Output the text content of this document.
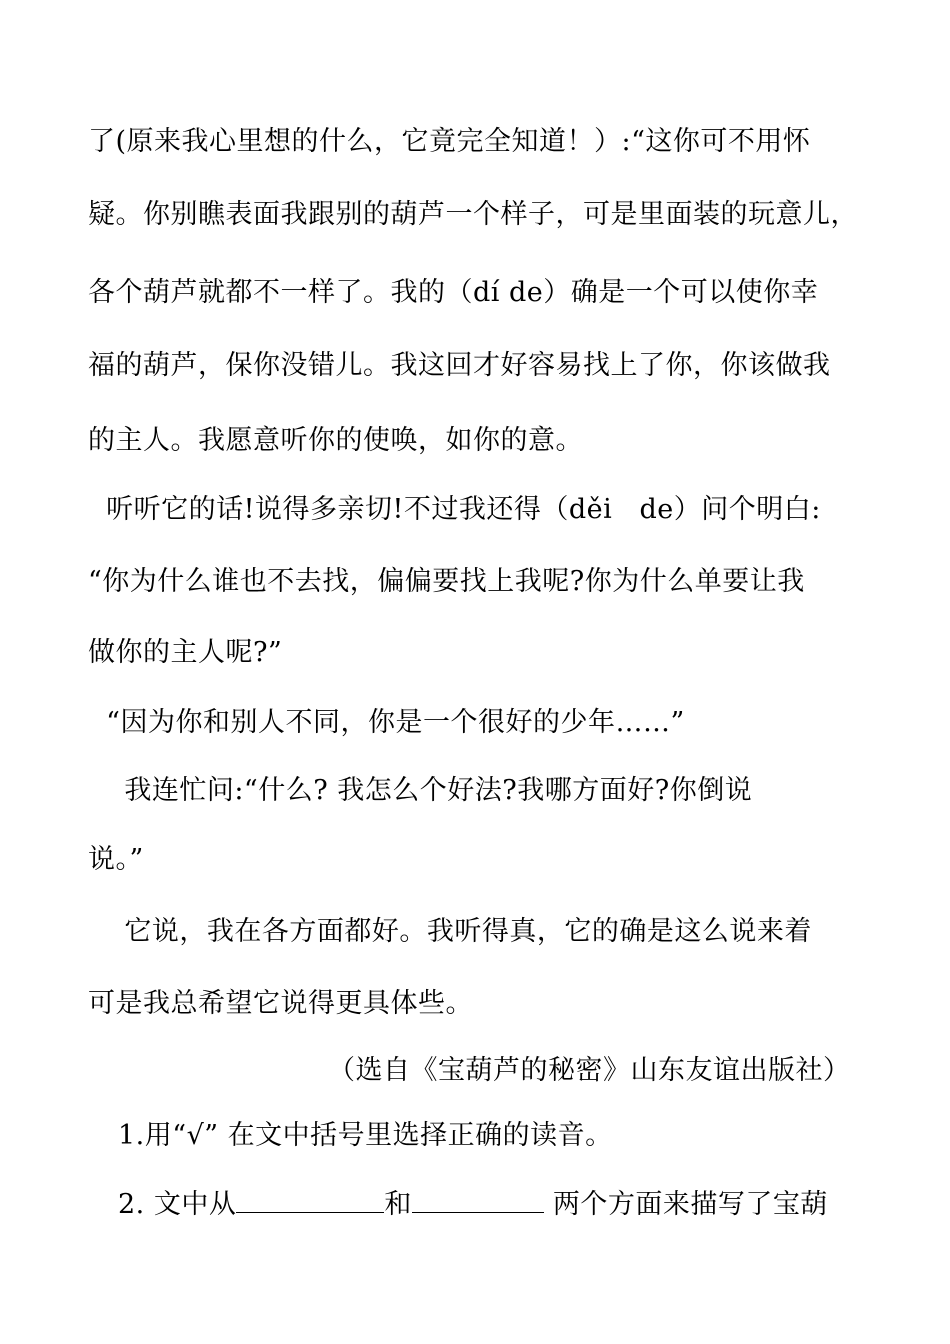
了(原来我心里想的什么，它竟完全知道！）:“这你可不用怀
疑。你别瞧表面我跟别的葫芦一个样子，可是里面装的玩意儿，
各个葫芦就都不一样了。我的（dí de）确是一个可以使你幸
福的葫芦，保你没错儿。我这回才好容易找上了你，你该做我
的主人。我愿意听你的使唤，如你的意。
听听它的话!说得多亲切!不过我还得（děi   de）问个明白:
“你为什么谁也不去找，偏偏要找上我呢?你为什么单要让我
做你的主人呢?”
“因为你和别人不同，你是一个很好的少年……”
我连忙问:“什么? 我怎么个好法?我哪方面好?你倒说
说。”
它说，我在各方面都好。我听得真，它的确是这么说来着
可是我总希望它说得更具体些。
（选自《宝葫芦的秘密》山东友谊出版社）
1.用“√” 在文中括号里选择正确的读音。
2. 文中从	和	两个方面来描写了宝葫
